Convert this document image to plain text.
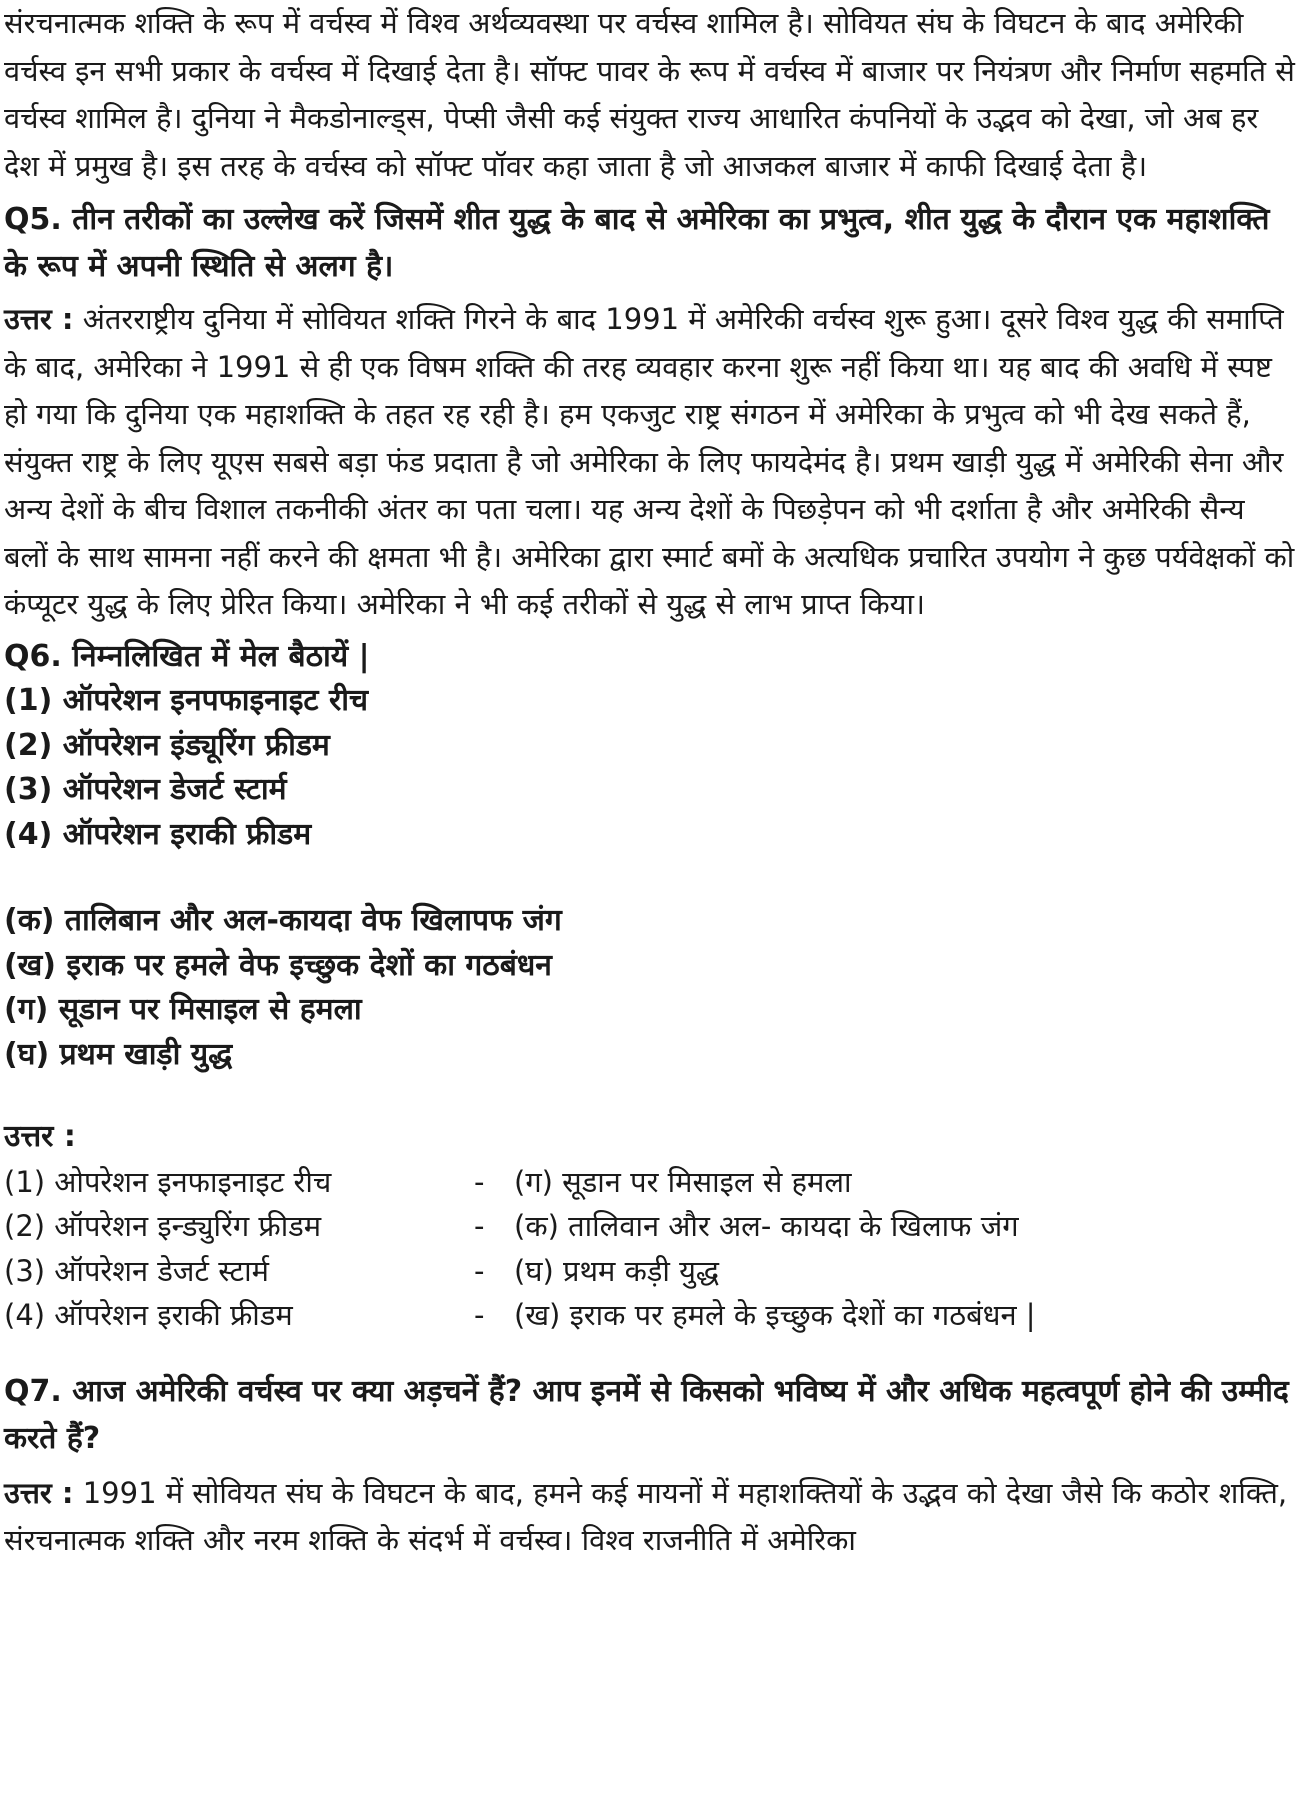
संरचनात्मक शक्ति के रूप में वर्चस्व में विश्व अर्थव्यवस्था पर वर्चस्व शामिल है। सोवियत संघ के विघटन के बाद अमेरिकी वर्चस्व इन सभी प्रकार के वर्चस्व में दिखाई देता है। सॉफ्ट पावर के रूप में वर्चस्व में बाजार पर नियंत्रण और निर्माण सहमति से वर्चस्व शामिल है। दुनिया ने मैकडोनाल्ड्स, पेप्सी जैसी कई संयुक्त राज्य आधारित कंपनियों के उद्भव को देखा, जो अब हर देश में प्रमुख है। इस तरह के वर्चस्व को सॉफ्ट पॉवर कहा जाता है जो आजकल बाजार में काफी दिखाई देता है।

Q5. तीन तरीकों का उल्लेख करें जिसमें शीत युद्ध के बाद से अमेरिका का प्रभुत्व, शीत युद्ध के दौरान एक महाशक्ति के रूप में अपनी स्थिति से अलग है।

उत्तर : अंतरराष्ट्रीय दुनिया में सोवियत शक्ति गिरने के बाद 1991 में अमेरिकी वर्चस्व शुरू हुआ। दूसरे विश्व युद्ध की समाप्ति के बाद, अमेरिका ने 1991 से ही एक विषम शक्ति की तरह व्यवहार करना शुरू नहीं किया था। यह बाद की अवधि में स्पष्ट हो गया कि दुनिया एक महाशक्ति के तहत रह रही है। हम एकजुट राष्ट्र संगठन में अमेरिका के प्रभुत्व को भी देख सकते हैं, संयुक्त राष्ट्र के लिए यूएस सबसे बड़ा फंड प्रदाता है जो अमेरिका के लिए फायदेमंद है। प्रथम खाड़ी युद्ध में अमेरिकी सेना और अन्य देशों के बीच विशाल तकनीकी अंतर का पता चला। यह अन्य देशों के पिछड़ेपन को भी दर्शाता है और अमेरिकी सैन्य बलों के साथ सामना नहीं करने की क्षमता भी है। अमेरिका द्वारा स्मार्ट बमों के अत्यधिक प्रचारित उपयोग ने कुछ पर्यवेक्षकों को कंप्यूटर युद्ध के लिए प्रेरित किया। अमेरिका ने भी कई तरीकों से युद्ध से लाभ प्राप्त किया।

Q6. निम्नलिखित में मेल बैठायें |
(1) ऑपरेशन इनपफाइनाइट रीच
(2) ऑपरेशन इंड्यूरिंग फ्रीडम
(3) ऑपरेशन डेजर्ट स्टार्म
(4) ऑपरेशन इराकी फ्रीडम
(क) तालिबान और अल-कायदा वेफ खिलापफ जंग
(ख) इराक पर हमले वेफ इच्छुक देशों का गठबंधन
(ग) सूडान पर मिसाइल से हमला
(घ) प्रथम खाड़ी युद्ध
उत्तर :
(1) ओपरेशन इनफाइनाइट रीच	-	(ग) सूडान पर मिसाइल से हमला
(2) ऑपरेशन इन्ड्युरिंग फ्रीडम	-	(क) तालिवान और अल- कायदा के खिलाफ जंग
(3) ऑपरेशन डेजर्ट स्टार्म	-	(घ) प्रथम कड़ी युद्ध
(4) ऑपरेशन इराकी फ्रीडम	-	(ख) इराक पर हमले के इच्छुक देशों का गठबंधन |

Q7. आज अमेरिकी वर्चस्व पर क्या अड़चनें हैं? आप इनमें से किसको भविष्य में और अधिक महत्वपूर्ण होने की उम्मीद करते हैं?

उत्तर : 1991 में सोवियत संघ के विघटन के बाद, हमने कई मायनों में महाशक्तियों के उद्भव को देखा जैसे कि कठोर शक्ति, संरचनात्मक शक्ति और नरम शक्ति के संदर्भ में वर्चस्व। विश्व राजनीति में अमेरिका
